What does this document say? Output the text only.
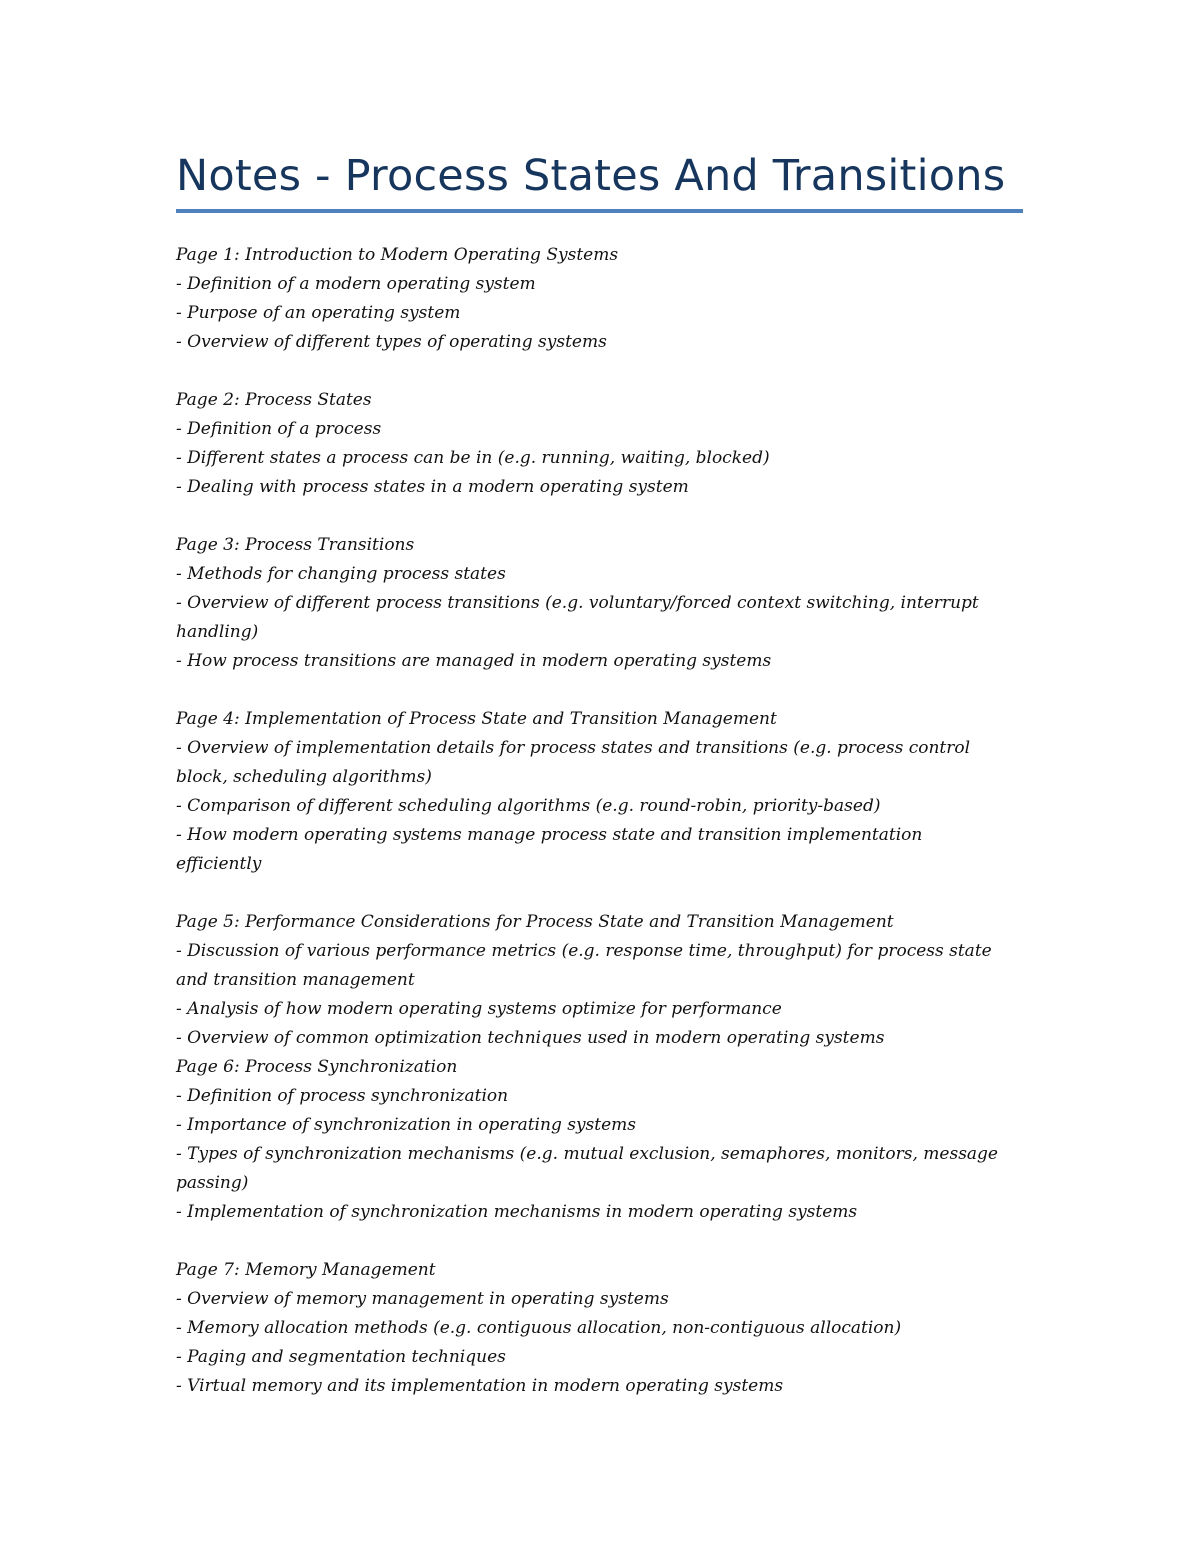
Notes - Process States And Transitions

Page 1: Introduction to Modern Operating Systems

- Definition of a modern operating system

- Purpose of an operating system

- Overview of different types of operating systems

Page 2: Process States

- Definition of a process

- Different states a process can be in (e.g. running, waiting, blocked)

- Dealing with process states in a modern operating system

Page 3: Process Transitions

- Methods for changing process states

- Overview of different process transitions (e.g. voluntary/forced context switching, interrupt

handling)

- How process transitions are managed in modern operating systems

Page 4: Implementation of Process State and Transition Management

- Overview of implementation details for process states and transitions (e.g. process control

block, scheduling algorithms)

- Comparison of different scheduling algorithms (e.g. round-robin, priority-based)

- How modern operating systems manage process state and transition implementation

efficiently

Page 5: Performance Considerations for Process State and Transition Management

- Discussion of various performance metrics (e.g. response time, throughput) for process state

and transition management

- Analysis of how modern operating systems optimize for performance

- Overview of common optimization techniques used in modern operating systems

Page 6: Process Synchronization

- Definition of process synchronization

- Importance of synchronization in operating systems

- Types of synchronization mechanisms (e.g. mutual exclusion, semaphores, monitors, message

passing)

- Implementation of synchronization mechanisms in modern operating systems

Page 7: Memory Management

- Overview of memory management in operating systems

- Memory allocation methods (e.g. contiguous allocation, non-contiguous allocation)

- Paging and segmentation techniques

- Virtual memory and its implementation in modern operating systems
